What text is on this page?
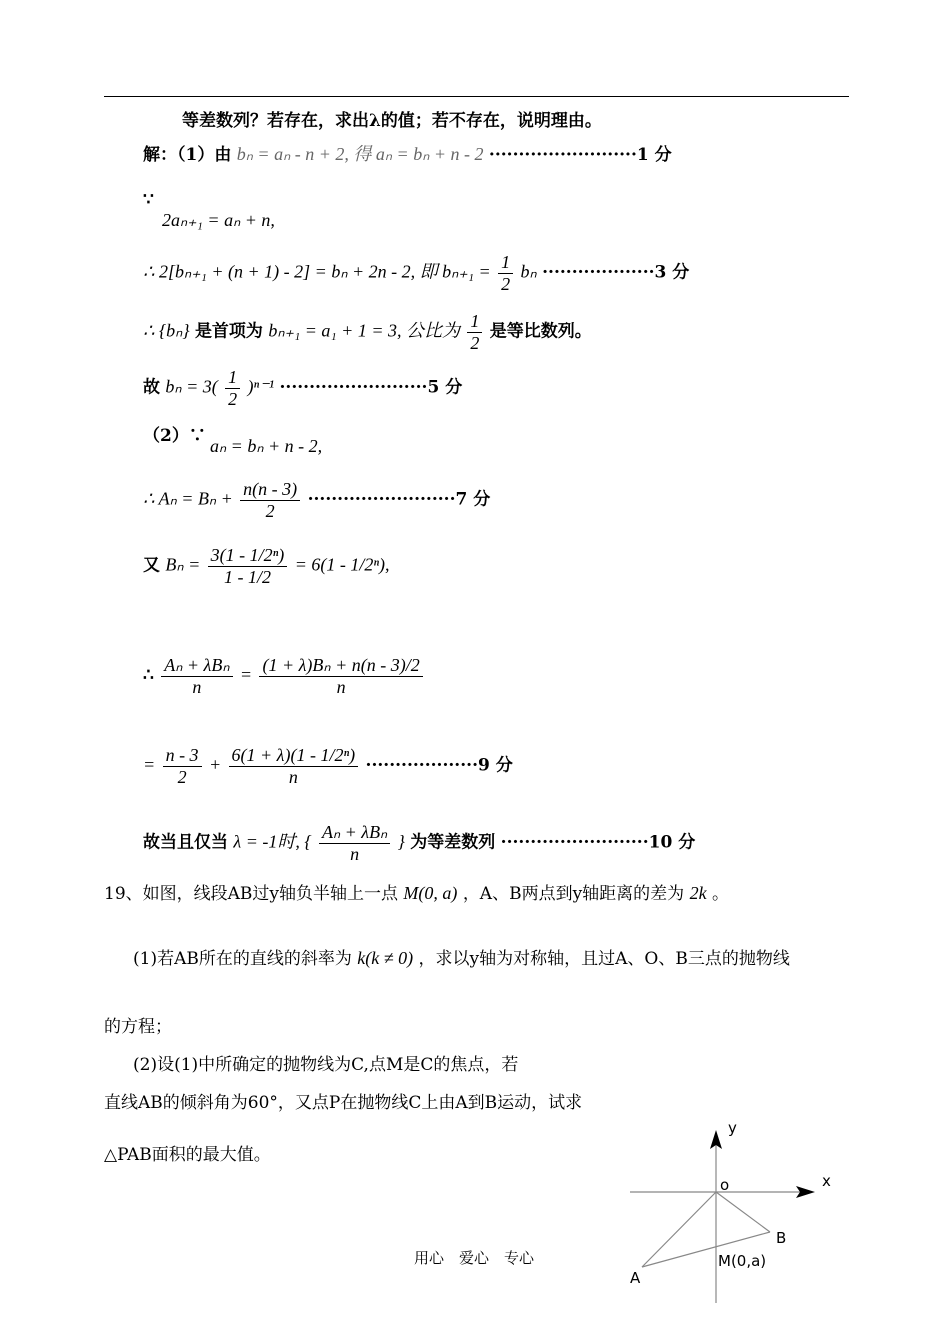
等差数列？若存在，求出λ的值；若不存在，说明理由。
解：（1）由 bₙ = aₙ - n + 2, 得 aₙ = bₙ + n - 2 ·························1 分
∵
2aₙ₊₁ = aₙ + n,
∴ 2[bₙ₊₁ + (n + 1) - 2] = bₙ + 2n - 2, 即 $b_{n+1} = \frac{1}{2}$ bₙ ···················3 分
∴ {bₙ} 是首项为 bₙ₊₁ = a₁ + 1 = 3, 公比为 $\frac{1}{2}$ 是等比数列。
故 $b_n = 3( \frac{1}{2} )^{n-1} \cdot\cdot\cdot\cdot\cdot\cdot\cdot\cdot\cdot\cdot\cdot\cdot\cdot\cdot\cdot\cdot\cdot\cdot\cdot\cdot\cdot\cdot\cdot\cdot\cdot 5$ 分
（2）∵ aₙ = bₙ + n - 2,
∴ $A_n = B_n + \frac{n(n - 3)}{2} \cdot\cdot\cdot\cdot\cdot\cdot\cdot\cdot\cdot\cdot\cdot\cdot\cdot\cdot\cdot\cdot\cdot\cdot\cdot\cdot\cdot\cdot\cdot\cdot\cdot 7$ 分
又 $B_n = \frac{\text{3(1 - 1/2ⁿ)}}{1 - 1/2} = 6(1 - 1/2^n)$,
∴ $\frac{\text{Aₙ + λBₙ}}{n} = \frac{\text{(1 + λ)Bₙ + n(n - 3)/2}}{n}$
= $\frac{n - 3}{2} + \frac{\text{6(1 + λ)(1 - 1/2ⁿ)}}{n} \cdot\cdot\cdot\cdot\cdot\cdot\cdot\cdot\cdot\cdot\cdot\cdot\cdot\cdot\cdot\cdot\cdot\cdot\cdot 9$ 分
故当且仅当 λ = -1时, { $\frac{\text{Aₙ + λBₙ}}{n}$ } 为等差数列 ·························10 分
19、如图，线段AB过y轴负半轴上一点 M(0, a) ，A、B两点到y轴距离的差为 2k 。
(1)若AB所在的直线的斜率为 k(k ≠ 0) ，求以y轴为对称轴，且过A、O、B三点的抛物线
的方程；
(2)设(1)中所确定的抛物线为C,点M是C的焦点，若
直线AB的倾斜角为60°，又点P在抛物线C上由A到B运动，试求
△PAB面积的最大值。
y
x
o
B
A
M(0,a)
用心　爱心　专心
